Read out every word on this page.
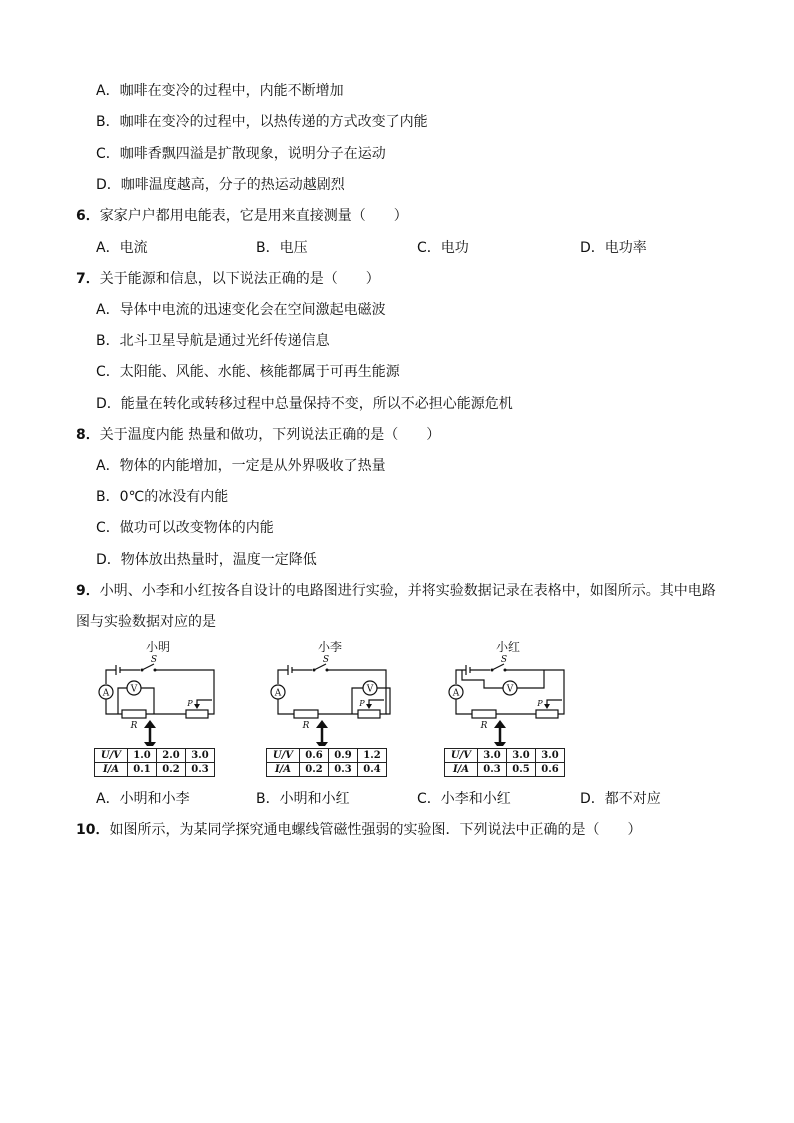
A．咖啡在变冷的过程中，内能不断增加
B．咖啡在变冷的过程中，以热传递的方式改变了内能
C．咖啡香飘四溢是扩散现象，说明分子在运动
D．咖啡温度越高，分子的热运动越剧烈
6．家家户户都用电能表，它是用来直接测量（　　）
A．电流	B．电压	C．电功	D．电功率
7．关于能源和信息，以下说法正确的是（　　）
A．导体中电流的迅速变化会在空间激起电磁波
B．北斗卫星导航是通过光纤传递信息
C．太阳能、风能、水能、核能都属于可再生能源
D．能量在转化或转移过程中总量保持不变，所以不必担心能源危机
8．关于温度内能 热量和做功，下列说法正确的是（　　）
A．物体的内能增加，一定是从外界吸收了热量
B．0℃的冰没有内能
C．做功可以改变物体的内能
D．物体放出热量时，温度一定降低
9．小明、小李和小红按各自设计的电路图进行实验，并将实验数据记录在表格中，如图所示。其中电路
图与实验数据对应的是
小明
S
A
R
P
V
U/V	1.0	2.0	3.0
I/A	0.1	0.2	0.3
小李
S
A
R
P
V
U/V	0.6	0.9	1.2
I/A	0.2	0.3	0.4
小红
S
A
R
P
V
U/V	3.0	3.0	3.0
I/A	0.3	0.5	0.6
A．小明和小李	B．小明和小红	C．小李和小红	D．都不对应
10．如图所示，为某同学探究通电螺线管磁性强弱的实验图．下列说法中正确的是（　　）
